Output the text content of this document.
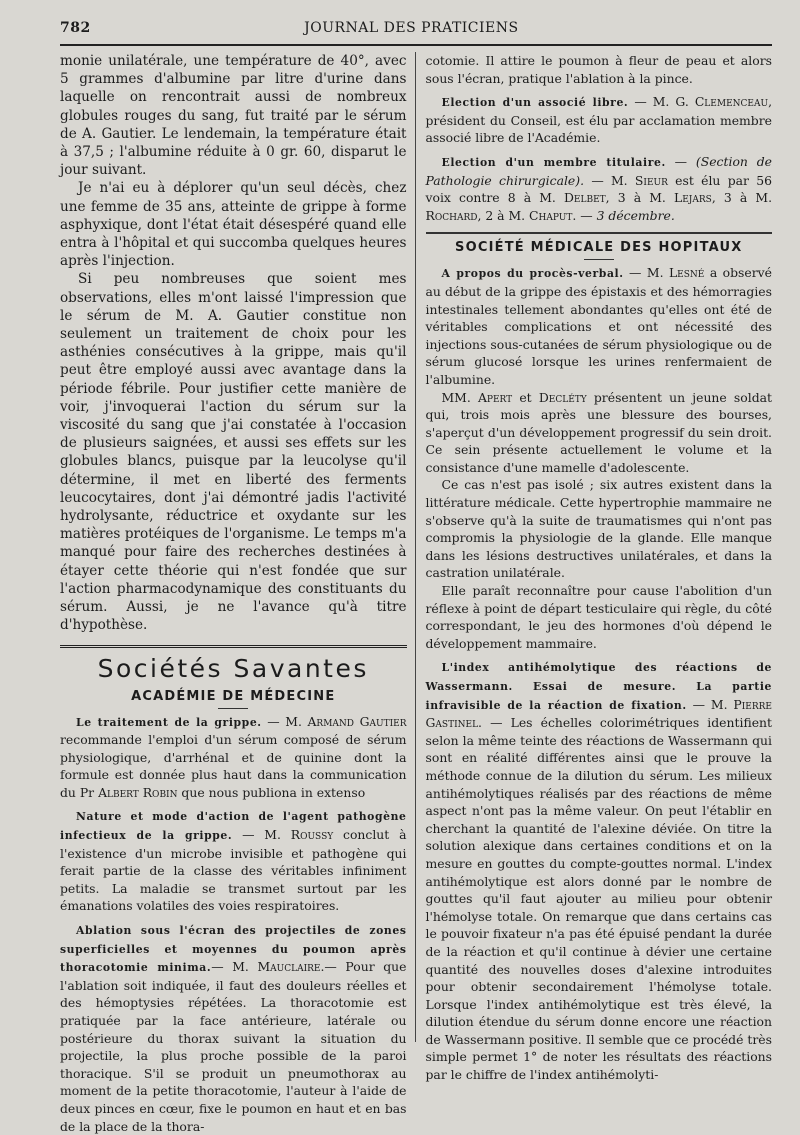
782	JOURNAL DES PRATICIENS

monie unilatérale, une température de 40°, avec 5 grammes d'albumine par litre d'urine dans laquelle on rencontrait aussi de nombreux globules rouges du sang, fut traité par le sérum de A. Gautier. Le lendemain, la température était à 37,5 ; l'albumine réduite à 0 gr. 60, disparut le jour suivant.

Je n'ai eu à déplorer qu'un seul décès, chez une femme de 35 ans, atteinte de grippe à forme asphyxique, dont l'état était désespéré quand elle entra à l'hôpital et qui succomba quelques heures après l'injection.

Si peu nombreuses que soient mes observations, elles m'ont laissé l'impression que le sérum de M. A. Gautier constitue non seulement un traitement de choix pour les asthénies consécutives à la grippe, mais qu'il peut être employé aussi avec avantage dans la période fébrile. Pour justifier cette manière de voir, j'invoquerai l'action du sérum sur la viscosité du sang que j'ai constatée à l'occasion de plusieurs saignées, et aussi ses effets sur les globules blancs, puisque par la leucolyse qu'il détermine, il met en liberté des ferments leucocytaires, dont j'ai démontré jadis l'activité hydrolysante, réductrice et oxydante sur les matières protéiques de l'organisme. Le temps m'a manqué pour faire des recherches destinées à étayer cette théorie qui n'est fondée que sur l'action pharmacodynamique des constituants du sérum. Aussi, je ne l'avance qu'à titre d'hypothèse.

Sociétés Savantes
ACADÉMIE DE MÉDECINE

Le traitement de la grippe. — M. Armand Gautier recommande l'emploi d'un sérum composé de sérum physiologique, d'arrhénal et de quinine dont la formule est donnée plus haut dans la communication du Pr Albert Robin que nous publiona in extenso

Nature et mode d'action de l'agent pathogène infectieux de la grippe. — M. Roussy conclut à l'existence d'un microbe invisible et pathogène qui ferait partie de la classe des véritables infiniment petits. La maladie se transmet surtout par les émanations volatiles des voies respiratoires.

Ablation sous l'écran des projectiles de zones superficielles et moyennes du poumon après thoracotomie minima.— M. Mauclaire.— Pour que l'ablation soit indiquée, il faut des douleurs réelles et des hémoptysies répétées. La thoracotomie est pratiquée par la face antérieure, latérale ou postérieure du thorax suivant la situation du projectile, la plus proche possible de la paroi thoracique. S'il se produit un pneumothorax au moment de la petite thoracotomie, l'auteur à l'aide de deux pinces en cœur, fixe le poumon en haut et en bas de la place de la thora-

cotomie. Il attire le poumon à fleur de peau et alors sous l'écran, pratique l'ablation à la pince.

Election d'un associé libre. — M. G. Clemenceau, président du Conseil, est élu par acclamation membre associé libre de l'Académie.

Election d'un membre titulaire. — (Section de Pathologie chirurgicale). — M. Sieur est élu par 56 voix contre 8 à M. Delbet, 3 à M. Lejars, 3 à M. Rochard, 2 à M. Chaput. — 3 décembre.

SOCIÉTÉ MÉDICALE DES HOPITAUX

A propos du procès-verbal. — M. Lesné a observé au début de la grippe des épistaxis et des hémorragies intestinales tellement abondantes qu'elles ont été de véritables complications et ont nécessité des injections sous-cutanées de sérum physiologique ou de sérum glucosé lorsque les urines renfermaient de l'albumine.

MM. Apert et Decléty présentent un jeune soldat qui, trois mois après une blessure des bourses, s'aperçut d'un développement progressif du sein droit. Ce sein présente actuellement le volume et la consistance d'une mamelle d'adolescente.

Ce cas n'est pas isolé ; six autres existent dans la littérature médicale. Cette hypertrophie mammaire ne s'observe qu'à la suite de traumatismes qui n'ont pas compromis la physiologie de la glande. Elle manque dans les lésions destructives unilatérales, et dans la castration unilatérale.

Elle paraît reconnaître pour cause l'abolition d'un réflexe à point de départ testiculaire qui règle, du côté correspondant, le jeu des hormones d'où dépend le développement mammaire.

L'index antihémolytique des réactions de Wassermann. Essai de mesure. La partie infravisible de la réaction de fixation. — M. Pierre Gastinel. — Les échelles colorimétriques identifient selon la même teinte des réactions de Wassermann qui sont en réalité différentes ainsi que le prouve la méthode connue de la dilution du sérum. Les milieux antihémolytiques réalisés par des réactions de même aspect n'ont pas la même valeur. On peut l'établir en cherchant la quantité de l'alexine déviée. On titre la solution alexique dans certaines conditions et on la mesure en gouttes du compte-gouttes normal. L'index antihémolytique est alors donné par le nombre de gouttes qu'il faut ajouter au milieu pour obtenir l'hémolyse totale. On remarque que dans certains cas le pouvoir fixateur n'a pas été épuisé pendant la durée de la réaction et qu'il continue à dévier une certaine quantité des nouvelles doses d'alexine introduites pour obtenir secondairement l'hémolyse totale. Lorsque l'index antihémolytique est très élevé, la dilution étendue du sérum donne encore une réaction de Wassermann positive. Il semble que ce procédé très simple permet 1° de noter les résultats des réactions par le chiffre de l'index antihémolyti-
